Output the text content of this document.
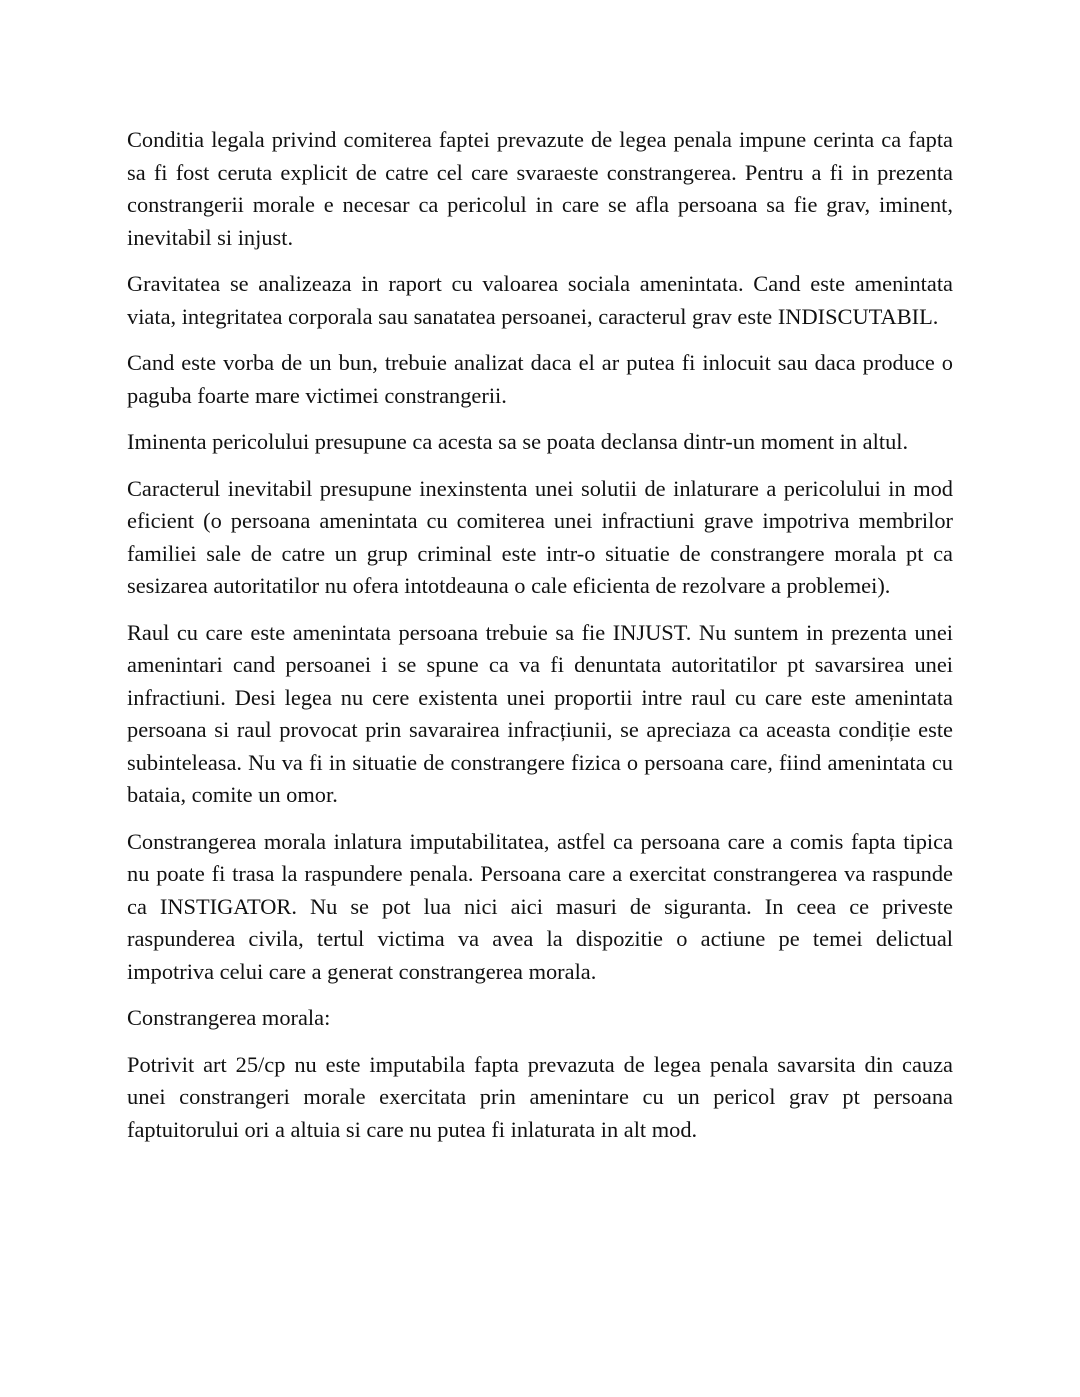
Conditia legala privind comiterea faptei prevazute de legea penala impune cerinta ca fapta sa fi fost ceruta explicit de catre cel care svaraeste constrangerea. Pentru a fi in prezenta constrangerii morale e necesar ca pericolul in care se afla persoana sa fie grav, iminent, inevitabil si injust.

Gravitatea se analizeaza in raport cu valoarea sociala amenintata. Cand este amenintata viata, integritatea corporala sau sanatatea persoanei, caracterul grav este INDISCUTABIL.

Cand este vorba de un bun, trebuie analizat daca el ar putea fi inlocuit sau daca produce o paguba foarte mare victimei constrangerii.

Iminenta pericolului presupune ca acesta sa se poata declansa dintr-un moment in altul.

Caracterul inevitabil presupune inexinstenta unei solutii de inlaturare a pericolului in mod eficient (o persoana amenintata cu comiterea unei infractiuni grave impotriva membrilor familiei sale de catre un grup criminal este intr-o situatie de constrangere morala pt ca sesizarea autoritatilor nu ofera intotdeauna o cale eficienta de rezolvare a problemei).

Raul cu care este amenintata persoana trebuie sa fie INJUST. Nu suntem in prezenta unei amenintari cand persoanei i se spune ca va fi denuntata autoritatilor pt savarsirea unei infractiuni. Desi legea nu cere existenta unei proportii intre raul cu care este amenintata persoana si raul provocat prin savarairea infracțiunii, se apreciaza ca aceasta condiție este subinteleasa. Nu va fi in situatie de constrangere fizica o persoana care, fiind amenintata cu bataia, comite un omor.

Constrangerea morala inlatura imputabilitatea, astfel ca persoana care a comis fapta tipica nu poate fi trasa la raspundere penala. Persoana care a exercitat constrangerea va raspunde ca INSTIGATOR. Nu se pot lua nici aici masuri de siguranta. In ceea ce priveste raspunderea civila, tertul victima va avea la dispozitie o actiune pe temei delictual impotriva celui care a generat constrangerea morala.

Constrangerea morala:

Potrivit art 25/cp nu este imputabila fapta prevazuta de legea penala savarsita din cauza unei constrangeri morale exercitata prin amenintare cu un pericol grav pt persoana faptuitorului ori a altuia si care nu putea fi inlaturata in alt mod.
